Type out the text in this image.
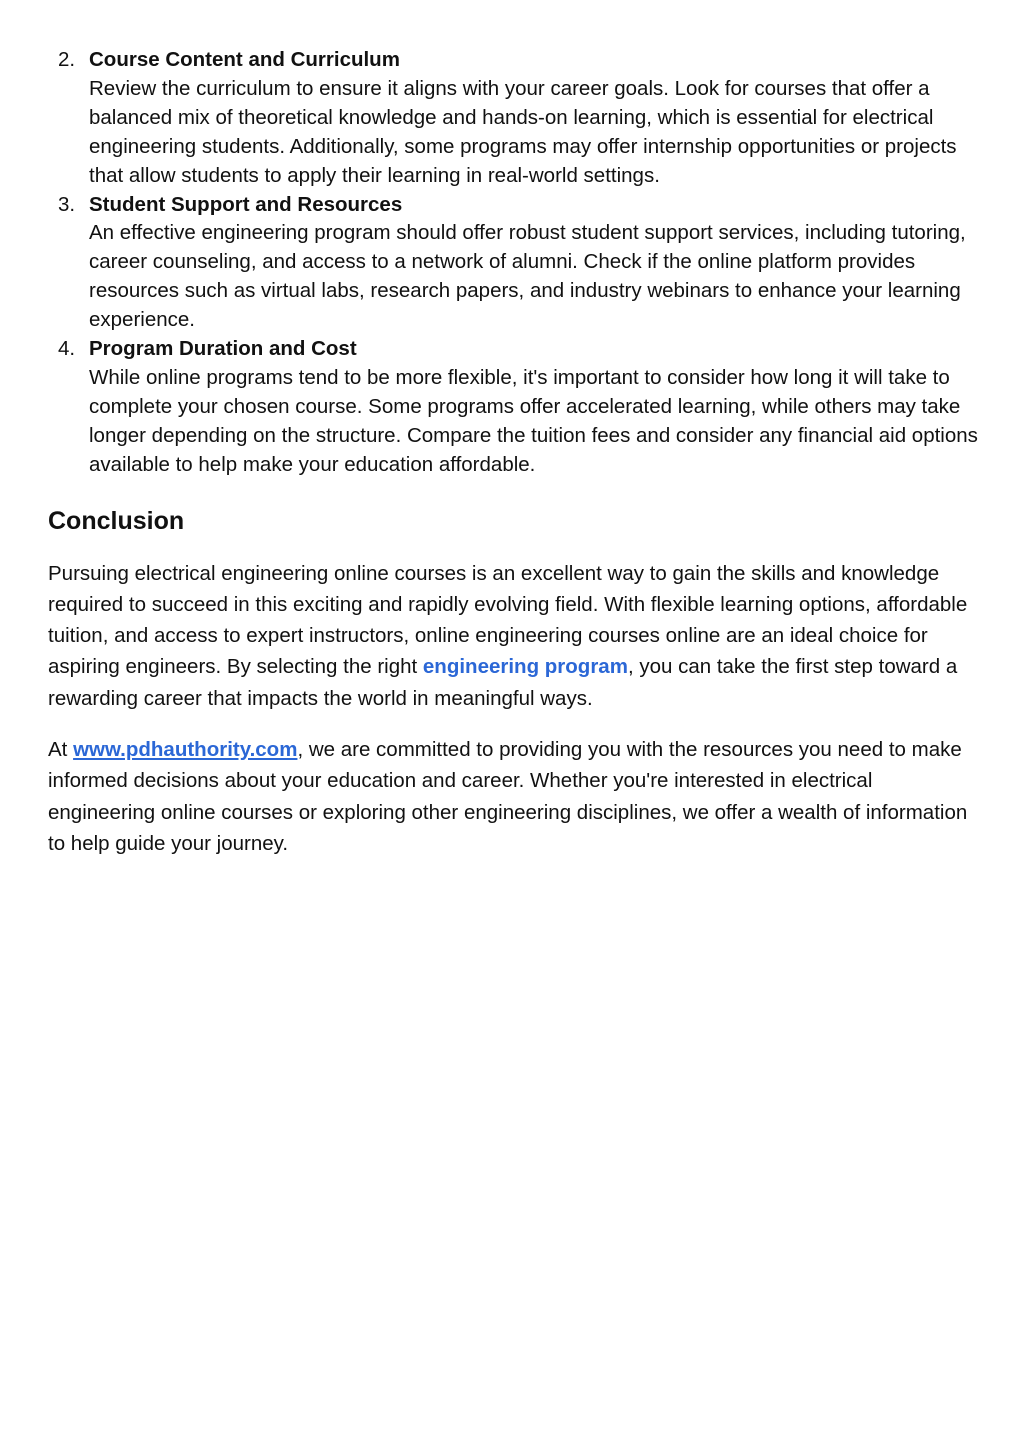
2. Course Content and Curriculum
Review the curriculum to ensure it aligns with your career goals. Look for courses that offer a balanced mix of theoretical knowledge and hands-on learning, which is essential for electrical engineering students. Additionally, some programs may offer internship opportunities or projects that allow students to apply their learning in real-world settings.
3. Student Support and Resources
An effective engineering program should offer robust student support services, including tutoring, career counseling, and access to a network of alumni. Check if the online platform provides resources such as virtual labs, research papers, and industry webinars to enhance your learning experience.
4. Program Duration and Cost
While online programs tend to be more flexible, it's important to consider how long it will take to complete your chosen course. Some programs offer accelerated learning, while others may take longer depending on the structure. Compare the tuition fees and consider any financial aid options available to help make your education affordable.
Conclusion

Pursuing electrical engineering online courses is an excellent way to gain the skills and knowledge required to succeed in this exciting and rapidly evolving field. With flexible learning options, affordable tuition, and access to expert instructors, online engineering courses online are an ideal choice for aspiring engineers. By selecting the right engineering program, you can take the first step toward a rewarding career that impacts the world in meaningful ways.

At www.pdhauthority.com, we are committed to providing you with the resources you need to make informed decisions about your education and career. Whether you're interested in electrical engineering online courses or exploring other engineering disciplines, we offer a wealth of information to help guide your journey.
